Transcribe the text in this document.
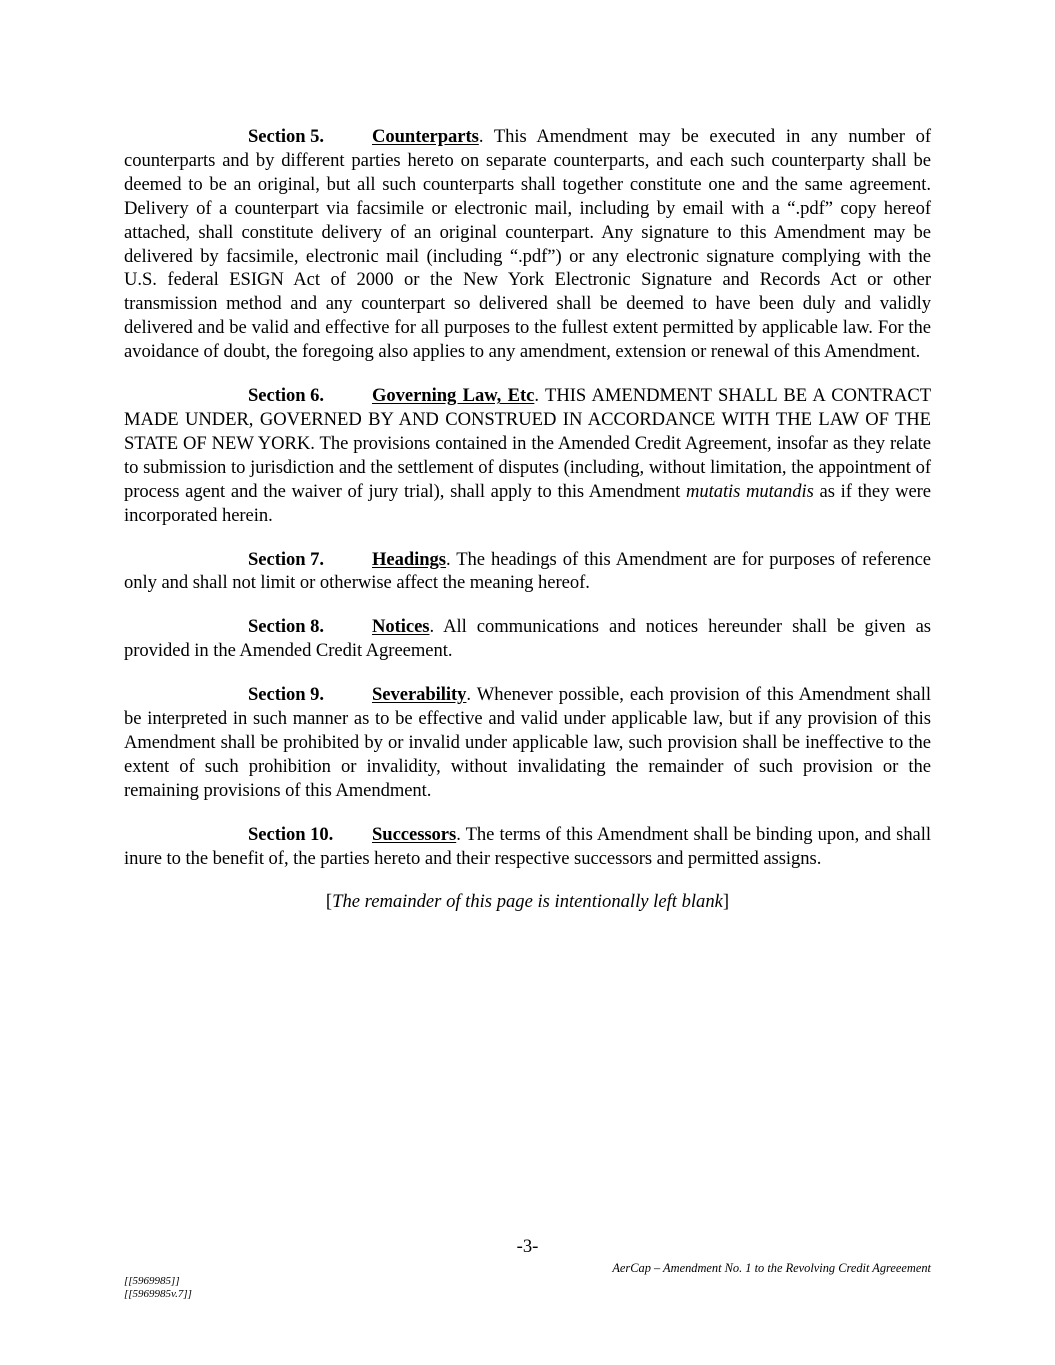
Section 5.	Counterparts. This Amendment may be executed in any number of counterparts and by different parties hereto on separate counterparts, and each such counterparty shall be deemed to be an original, but all such counterparts shall together constitute one and the same agreement. Delivery of a counterpart via facsimile or electronic mail, including by email with a “.pdf” copy hereof attached, shall constitute delivery of an original counterpart. Any signature to this Amendment may be delivered by facsimile, electronic mail (including “.pdf”) or any electronic signature complying with the U.S. federal ESIGN Act of 2000 or the New York Electronic Signature and Records Act or other transmission method and any counterpart so delivered shall be deemed to have been duly and validly delivered and be valid and effective for all purposes to the fullest extent permitted by applicable law. For the avoidance of doubt, the foregoing also applies to any amendment, extension or renewal of this Amendment.

Section 6.	Governing Law, Etc. THIS AMENDMENT SHALL BE A CONTRACT MADE UNDER, GOVERNED BY AND CONSTRUED IN ACCORDANCE WITH THE LAW OF THE STATE OF NEW YORK. The provisions contained in the Amended Credit Agreement, insofar as they relate to submission to jurisdiction and the settlement of disputes (including, without limitation, the appointment of process agent and the waiver of jury trial), shall apply to this Amendment mutatis mutandis as if they were incorporated herein.

Section 7.	Headings. The headings of this Amendment are for purposes of reference only and shall not limit or otherwise affect the meaning hereof.

Section 8.	Notices. All communications and notices hereunder shall be given as provided in the Amended Credit Agreement.

Section 9.	Severability. Whenever possible, each provision of this Amendment shall be interpreted in such manner as to be effective and valid under applicable law, but if any provision of this Amendment shall be prohibited by or invalid under applicable law, such provision shall be ineffective to the extent of such prohibition or invalidity, without invalidating the remainder of such provision or the remaining provisions of this Amendment.

Section 10. Successors. The terms of this Amendment shall be binding upon, and shall inure to the benefit of, the parties hereto and their respective successors and permitted assigns.

[The remainder of this page is intentionally left blank]

-3-
AerCap – Amendment No. 1 to the Revolving Credit Agreeement
[[5969985]]
[[5969985v.7]]
